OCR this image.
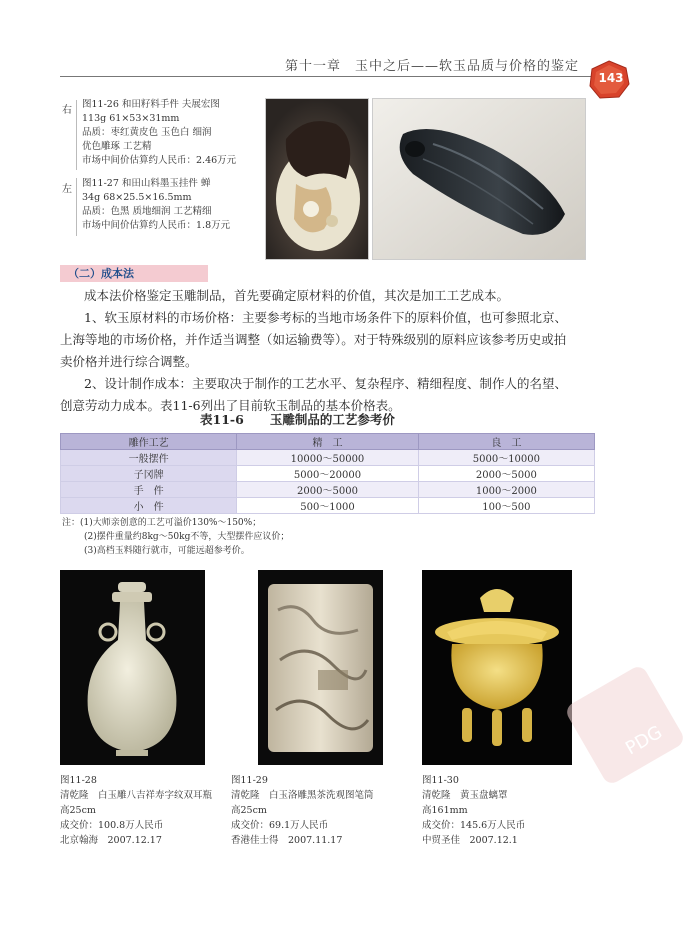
第十一章　玉中之后——软玉品质与价格的鉴定
143
右
图11-26 和田籽料手件 夫展宏图
113g 61×53×31mm
品质：枣红黄皮色 玉色白 细润
优色雕琢 工艺精
市场中间价估算约人民币：2.46万元
左
图11-27 和田山料墨玉挂件 蝉
34g 68×25.5×16.5mm
品质：色黑 质地细润 工艺精细
市场中间价估算约人民币：1.8万元
（二）成本法
成本法价格鉴定玉雕制品，首先要确定原材料的价值，其次是加工工艺成本。
1、软玉原材料的市场价格：主要参考标的当地市场条件下的原料价值，也可参照北京、
上海等地的市场价格，并作适当调整（如运输费等）。对于特殊级别的原料应该参考历史或拍
卖价格并进行综合调整。
2、设计制作成本：主要取决于制作的工艺水平、复杂程序、精细程度、制作人的名望、
创意劳动力成本。表11-6列出了目前软玉制品的基本价格表。
表11-6 玉雕制品的工艺参考价
雕作工艺	精　工	良　工
一般摆件	10000～50000	5000～10000
子冈牌	5000～20000	2000～5000
手　件	2000～5000	1000～2000
小　件	500～1000	100～500
注：(1)大师亲创意的工艺可溢价130%～150%；
(2)摆件重量约8kg～50kg不等，大型摆件应议价；
(3)高档玉料随行就市，可能远超参考价。
图11-28
清乾隆　白玉雕八吉祥寿字纹双耳瓶
高25cm
成交价：100.8万人民币
北京翰海　2007.12.17
图11-29
清乾隆　白玉洛雕黑茶洗观图笔筒
高25cm
成交价：69.1万人民币
香港佳士得　2007.11.17
图11-30
清乾隆　黄玉盘螭罩
高161mm
成交价：145.6万人民币
中贸圣佳　2007.12.1
PDG
